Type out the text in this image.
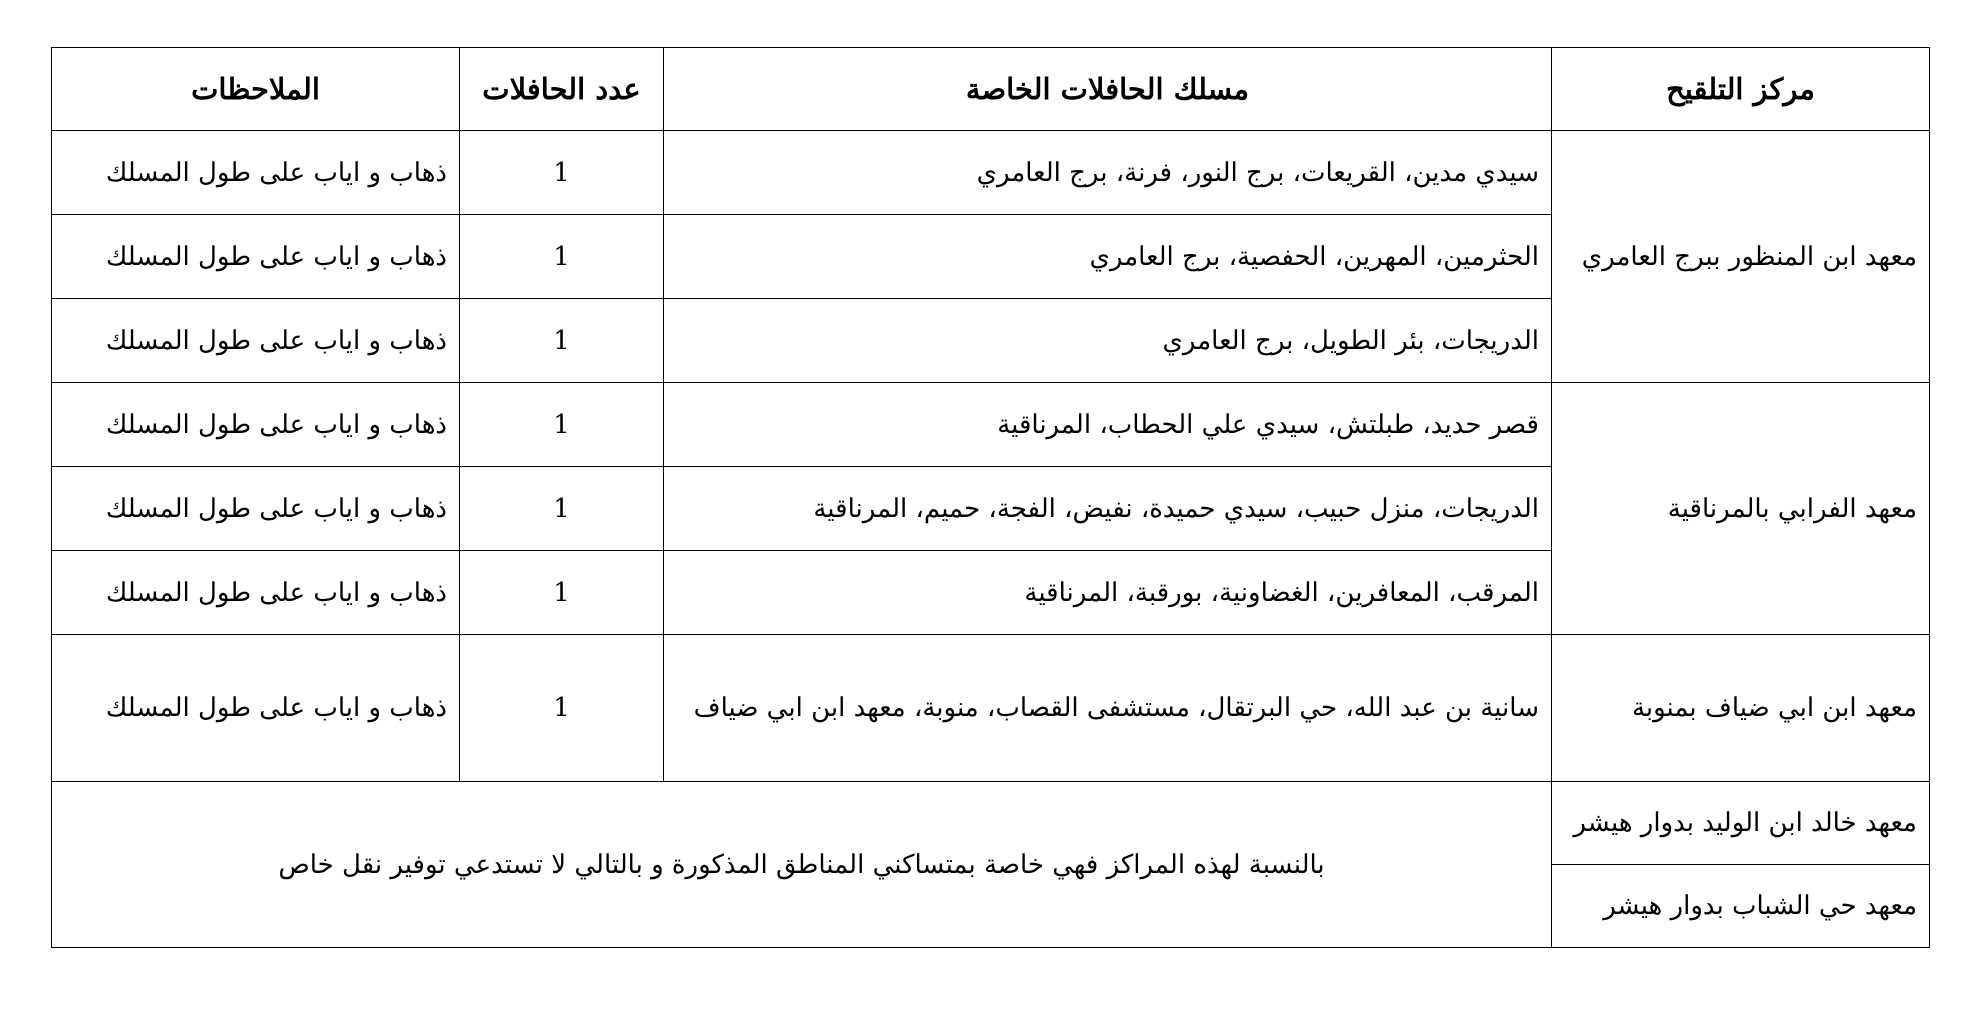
مركز التلقيح	مسلك الحافلات الخاصة	عدد الحافلات	الملاحظات
معهد ابن المنظور ببرج العامري	سيدي مدين، القريعات، برج النور، فرنة، برج العامري	1	ذهاب و اياب على طول المسلك
	الحثرمين، المهرين، الحفصية، برج العامري	1	ذهاب و اياب على طول المسلك
	الدريجات، بئر الطويل، برج العامري	1	ذهاب و اياب على طول المسلك
معهد الفرابي بالمرناقية	قصر حديد، طبلتش، سيدي علي الحطاب، المرناقية	1	ذهاب و اياب على طول المسلك
	الدريجات، منزل حبيب، سيدي حميدة، نفيض، الفجة، حميم، المرناقية	1	ذهاب و اياب على طول المسلك
	المرقب، المعافرين، الغضاونية، بورقبة، المرناقية	1	ذهاب و اياب على طول المسلك
معهد ابن ابي ضياف بمنوبة	سانية بن عبد الله، حي البرتقال، مستشفى القصاب، منوبة، معهد ابن ابي ضياف	1	ذهاب و اياب على طول المسلك
معهد خالد ابن الوليد بدوار هيشر	بالنسبة لهذه المراكز فهي خاصة بمتساكني المناطق المذكورة و بالتالي لا تستدعي توفير نقل خاص		
معهد حي الشباب بدوار هيشر			
